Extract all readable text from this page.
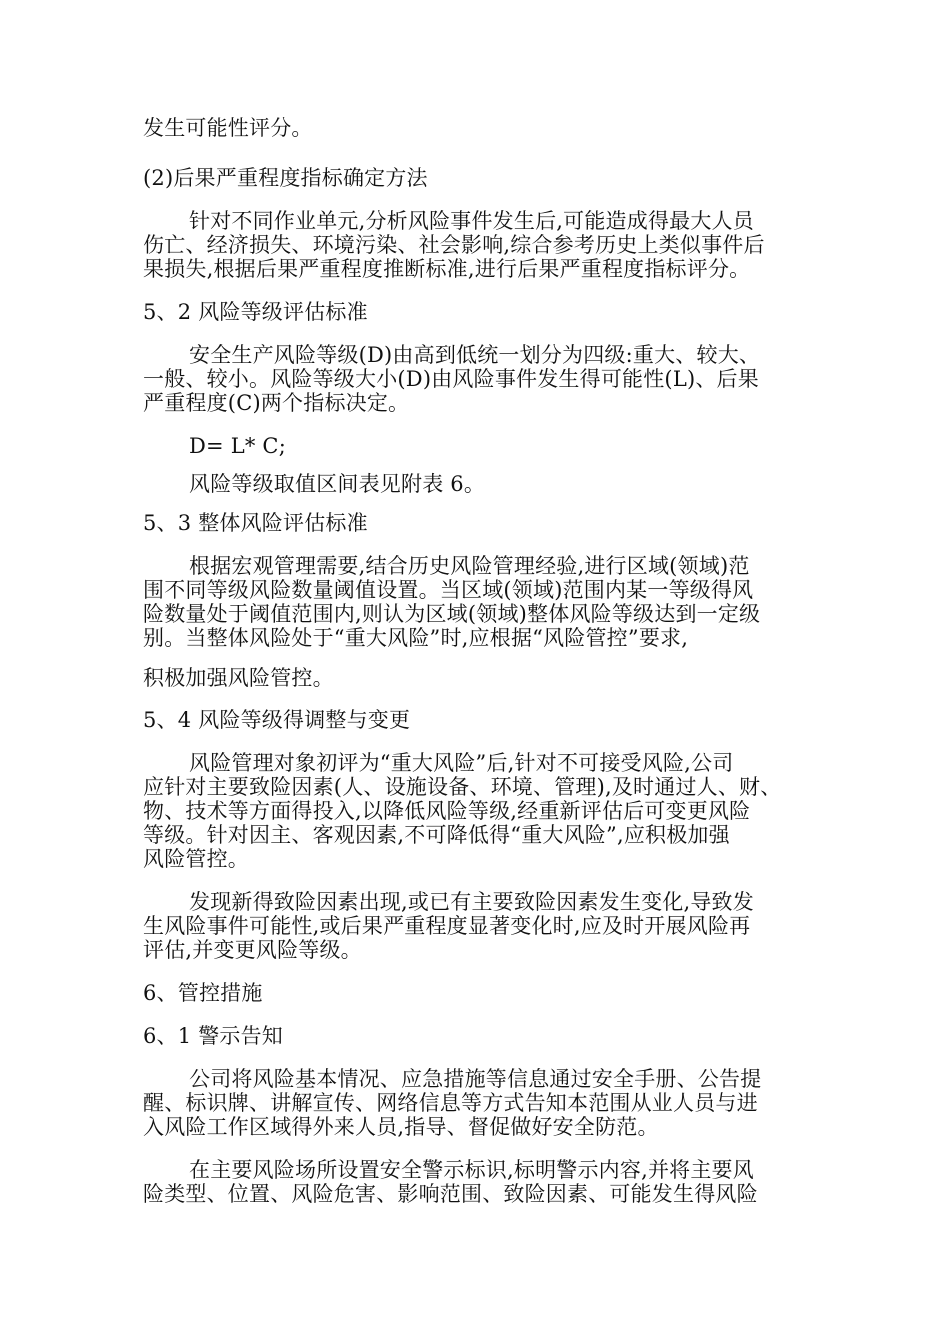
发生可能性评分。
(2)后果严重程度指标确定方法
针对不同作业单元,分析风险事件发生后,可能造成得最大人员
伤亡、经济损失、环境污染、社会影响,综合参考历史上类似事件后
果损失,根据后果严重程度推断标准,进行后果严重程度指标评分。
5、2 风险等级评估标准
安全生产风险等级(D)由高到低统一划分为四级:重大、较大、
一般、较小。风险等级大小(D)由风险事件发生得可能性(L)、后果
严重程度(C)两个指标决定。
D= L* C;
风险等级取值区间表见附表 6。
5、3 整体风险评估标准
根据宏观管理需要,结合历史风险管理经验,进行区域(领域)范
围不同等级风险数量阈值设置。当区域(领域)范围内某一等级得风
险数量处于阈值范围内,则认为区域(领域)整体风险等级达到一定级
别。当整体风险处于“重大风险”时,应根据“风险管控”要求,
积极加强风险管控。
5、4 风险等级得调整与变更
风险管理对象初评为“重大风险”后,针对不可接受风险,公司
应针对主要致险因素(人、设施设备、环境、管理),及时通过人、财、
物、技术等方面得投入,以降低风险等级,经重新评估后可变更风险
等级。针对因主、客观因素,不可降低得“重大风险”,应积极加强
风险管控。
发现新得致险因素出现,或已有主要致险因素发生变化,导致发
生风险事件可能性,或后果严重程度显著变化时,应及时开展风险再
评估,并变更风险等级。
6、管控措施
6、1 警示告知
公司将风险基本情况、应急措施等信息通过安全手册、公告提
醒、标识牌、讲解宣传、网络信息等方式告知本范围从业人员与进
入风险工作区域得外来人员,指导、督促做好安全防范。
在主要风险场所设置安全警示标识,标明警示内容,并将主要风
险类型、位置、风险危害、影响范围、致险因素、可能发生得风险
